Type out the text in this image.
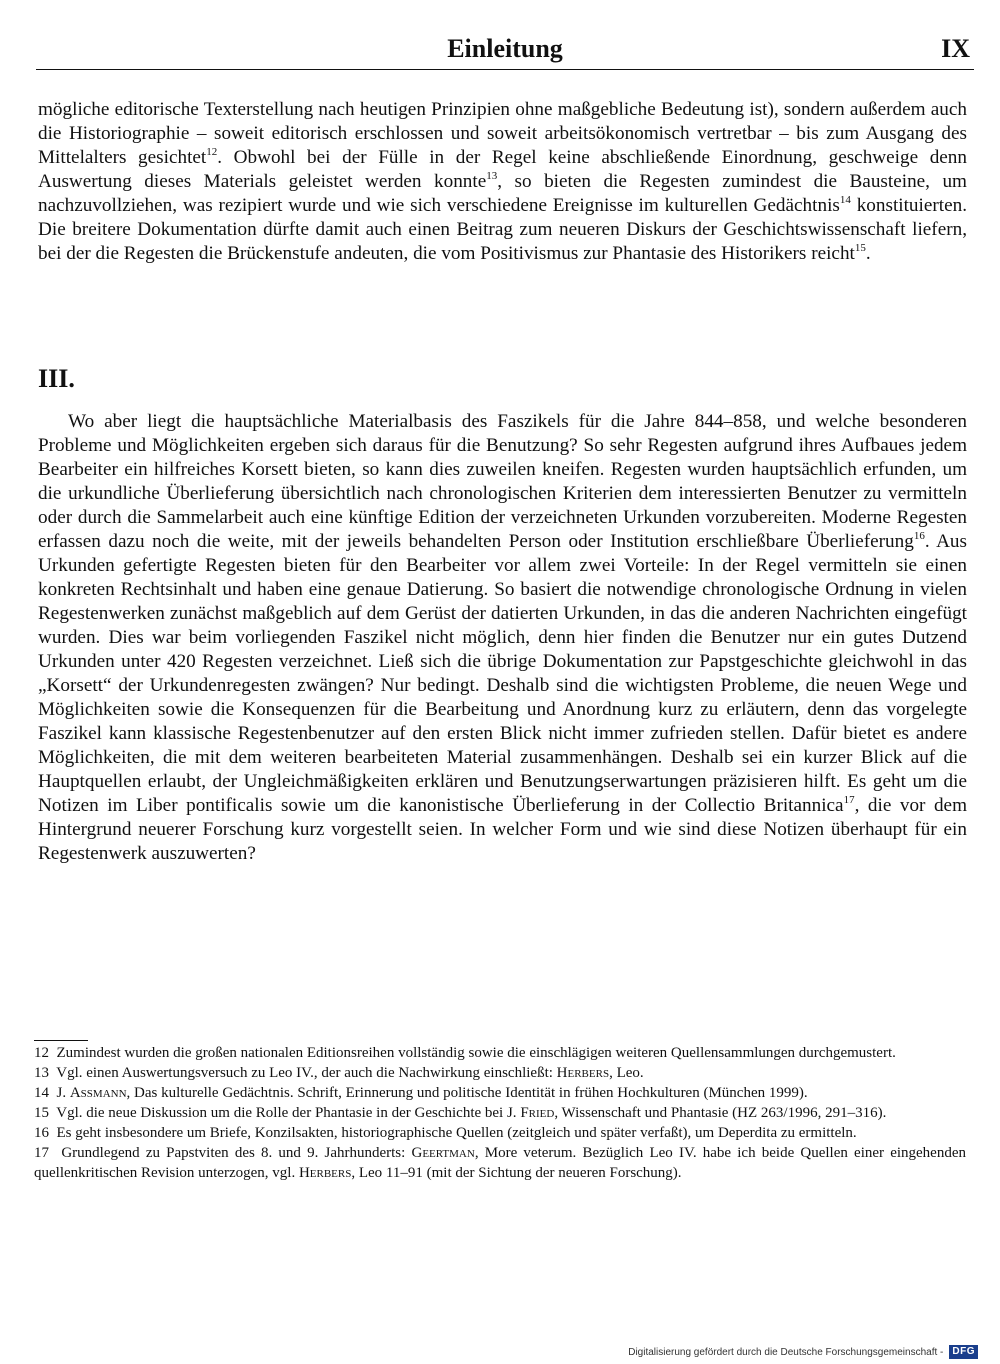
Einleitung	IX

mögliche editorische Texterstellung nach heutigen Prinzipien ohne maßgebliche Bedeutung ist), sondern außerdem auch die Historiographie – soweit editorisch erschlossen und soweit arbeitsökonomisch vertretbar – bis zum Ausgang des Mittelalters gesichtet$^{12}$. Obwohl bei der Fülle in der Regel keine abschließende Einordnung, geschweige denn Auswertung dieses Materials geleistet werden konnte$^{13}$, so bieten die Regesten zumindest die Bausteine, um nachzuvollziehen, was rezipiert wurde und wie sich verschiedene Ereignisse im kulturellen Gedächtnis$^{14}$ konstituierten. Die breitere Dokumentation dürfte damit auch einen Beitrag zum neueren Diskurs der Geschichtswissenschaft liefern, bei der die Regesten die Brückenstufe andeuten, die vom Positivismus zur Phantasie des Historikers reicht$^{15}$.

III.

Wo aber liegt die hauptsächliche Materialbasis des Faszikels für die Jahre 844–858, und welche besonderen Probleme und Möglichkeiten ergeben sich daraus für die Benutzung? So sehr Regesten aufgrund ihres Aufbaues jedem Bearbeiter ein hilfreiches Korsett bieten, so kann dies zuweilen kneifen. Regesten wurden hauptsächlich erfunden, um die urkundliche Überlieferung übersichtlich nach chronologischen Kriterien dem interessierten Benutzer zu vermitteln oder durch die Sammelarbeit auch eine künftige Edition der verzeichneten Urkunden vorzubereiten. Moderne Regesten erfassen dazu noch die weite, mit der jeweils behandelten Person oder Institution erschließbare Überlieferung$^{16}$. Aus Urkunden gefertigte Regesten bieten für den Bearbeiter vor allem zwei Vorteile: In der Regel vermitteln sie einen konkreten Rechtsinhalt und haben eine genaue Datierung. So basiert die notwendige chronologische Ordnung in vielen Regestenwerken zunächst maßgeblich auf dem Gerüst der datierten Urkunden, in das die anderen Nachrichten eingefügt wurden. Dies war beim vorliegenden Faszikel nicht möglich, denn hier finden die Benutzer nur ein gutes Dutzend Urkunden unter 420 Regesten verzeichnet. Ließ sich die übrige Dokumentation zur Papstgeschichte gleichwohl in das „Korsett“ der Urkundenregesten zwängen? Nur bedingt. Deshalb sind die wichtigsten Probleme, die neuen Wege und Möglichkeiten sowie die Konsequenzen für die Bearbeitung und Anordnung kurz zu erläutern, denn das vorgelegte Faszikel kann klassische Regestenbenutzer auf den ersten Blick nicht immer zufrieden stellen. Dafür bietet es andere Möglichkeiten, die mit dem weiteren bearbeiteten Material zusammenhängen. Deshalb sei ein kurzer Blick auf die Hauptquellen erlaubt, der Ungleichmäßigkeiten erklären und Benutzungserwartungen präzisieren hilft. Es geht um die Notizen im Liber pontificalis sowie um die kanonistische Überlieferung in der Collectio Britannica$^{17}$, die vor dem Hintergrund neuerer Forschung kurz vorgestellt seien. In welcher Form und wie sind diese Notizen überhaupt für ein Regestenwerk auszuwerten?

12 Zumindest wurden die großen nationalen Editionsreihen vollständig sowie die einschlägigen weiteren Quellensammlungen durchgemustert.

13 Vgl. einen Auswertungsversuch zu Leo IV., der auch die Nachwirkung einschließt: Herbers, Leo.

14 J. Assmann, Das kulturelle Gedächtnis. Schrift, Erinnerung und politische Identität in frühen Hochkulturen (München 1999).

15 Vgl. die neue Diskussion um die Rolle der Phantasie in der Geschichte bei J. Fried, Wissenschaft und Phantasie (HZ 263/1996, 291–316).

16 Es geht insbesondere um Briefe, Konzilsakten, historiographische Quellen (zeitgleich und später verfaßt), um Deperdita zu ermitteln.

17 Grundlegend zu Papstviten des 8. und 9. Jahrhunderts: Geertman, More veterum. Bezüglich Leo IV. habe ich beide Quellen einer eingehenden quellenkritischen Revision unterzogen, vgl. Herbers, Leo 11–91 (mit der Sichtung der neueren Forschung).

Digitalisierung gefördert durch die Deutsche Forschungsgemeinschaft - DFG
